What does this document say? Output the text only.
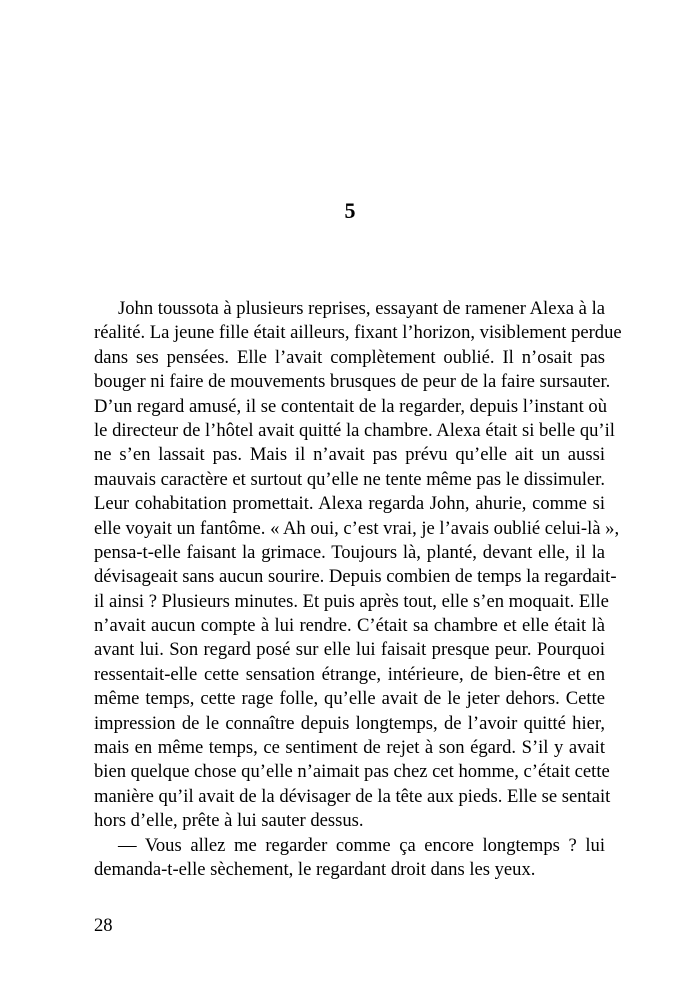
5
John toussota à plusieurs reprises, essayant de ramener Alexa à la
réalité. La jeune fille était ailleurs, fixant l’horizon, visiblement perdue
dans ses pensées. Elle l’avait complètement oublié. Il n’osait pas
bouger ni faire de mouvements brusques de peur de la faire sursauter.
D’un regard amusé, il se contentait de la regarder, depuis l’instant où
le directeur de l’hôtel avait quitté la chambre. Alexa était si belle qu’il
ne s’en lassait pas. Mais il n’avait pas prévu qu’elle ait un aussi
mauvais caractère et surtout qu’elle ne tente même pas le dissimuler.
Leur cohabitation promettait. Alexa regarda John, ahurie, comme si
elle voyait un fantôme. « Ah oui, c’est vrai, je l’avais oublié celui-là »,
pensa-t-elle faisant la grimace. Toujours là, planté, devant elle, il la
dévisageait sans aucun sourire. Depuis combien de temps la regardait-
il ainsi ? Plusieurs minutes. Et puis après tout, elle s’en moquait. Elle
n’avait aucun compte à lui rendre. C’était sa chambre et elle était là
avant lui. Son regard posé sur elle lui faisait presque peur. Pourquoi
ressentait-elle cette sensation étrange, intérieure, de bien-être et en
même temps, cette rage folle, qu’elle avait de le jeter dehors. Cette
impression de le connaître depuis longtemps, de l’avoir quitté hier,
mais en même temps, ce sentiment de rejet à son égard. S’il y avait
bien quelque chose qu’elle n’aimait pas chez cet homme, c’était cette
manière qu’il avait de la dévisager de la tête aux pieds. Elle se sentait
hors d’elle, prête à lui sauter dessus.
— Vous allez me regarder comme ça encore longtemps ? lui
demanda-t-elle sèchement, le regardant droit dans les yeux.
28
